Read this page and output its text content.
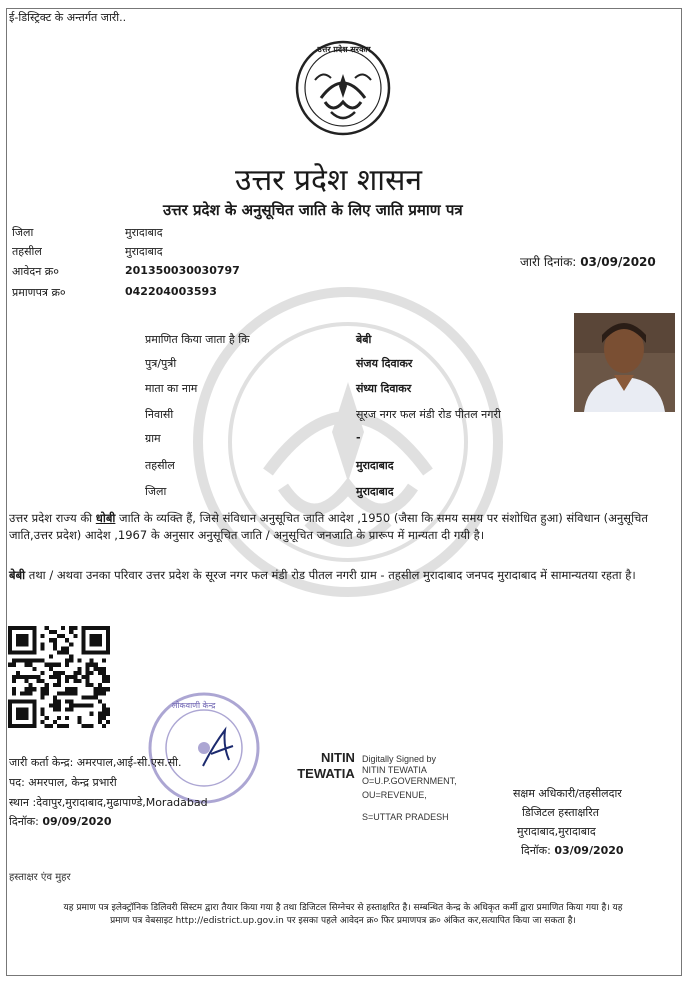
ई-डिस्ट्रिक्ट के अन्तर्गत जारी..
उत्तर प्रदेश सरकार
उत्तर प्रदेश शासन
उत्तर प्रदेश के अनुसूचित जाति के लिए जाति प्रमाण पत्र
जिला	मुरादाबाद
तहसील	मुरादाबाद
आवेदन क्र०	201350030030797
प्रमाणपत्र क्र०	042204003593
जारी दिनांक: 03/09/2020
प्रमाणित किया जाता है कि	बेबी
पुत्र/पुत्री	संजय दिवाकर
माता का नाम	संध्या दिवाकर
निवासी	सूरज नगर फल मंडी रोड पीतल नगरी
ग्राम	-
तहसील	मुरादाबाद
जिला	मुरादाबाद
उत्तर प्रदेश राज्य की धोबी जाति के व्यक्ति हैं, जिसे संविधान अनुसूचित जाति आदेश ,1950 (जैसा कि समय समय पर संशोधित हुआ) संविधान (अनुसूचित जाति,उत्तर प्रदेश) आदेश ,1967 के अनुसार अनुसूचित जाति / अनुसूचित जनजाति के प्रारूप में मान्यता दी गयी है।
बेबी तथा / अथवा उनका परिवार उत्तर प्रदेश के सूरज नगर फल मंडी रोड पीतल नगरी ग्राम - तहसील मुरादाबाद जनपद मुरादाबाद में सामान्यतया रहता है।
लोकवाणी केन्द्र
जारी कर्ता केन्द्र: अमरपाल,आई-सी.एस.सी.
पद: अमरपाल, केन्द्र प्रभारी
स्थान :देवापुर,मुरादाबाद,मुढापाण्डे,Moradabad
दिनॉक: 09/09/2020
NITIN
TEWATIA
Digitally Signed by
NITIN TEWATIA
O=U.P.GOVERNMENT,
OU=REVENUE,
S=UTTAR PRADESH
सक्षम अधिकारी/तहसीलदार
डिजिटल हस्ताक्षरित
मुरादाबाद,मुरादाबाद
दिनॉक: 03/09/2020
हस्ताक्षर एंव मुहर
यह प्रमाण पत्र इलेक्ट्रॉनिक डिलिवरी सिस्टम द्वारा तैयार किया गया है तथा डिजिटल सिग्नेचर से हस्ताक्षरित है। सम्बन्धित केन्द्र के अधिकृत कर्मी द्वारा प्रमाणित किया गया है। यह
प्रमाण पत्र वेबसाइट http://edistrict.up.gov.in पर इसका पहले आवेदन क्र० फिर प्रमाणपत्र क्र० अंकित कर,सत्यापित किया जा सकता है।
